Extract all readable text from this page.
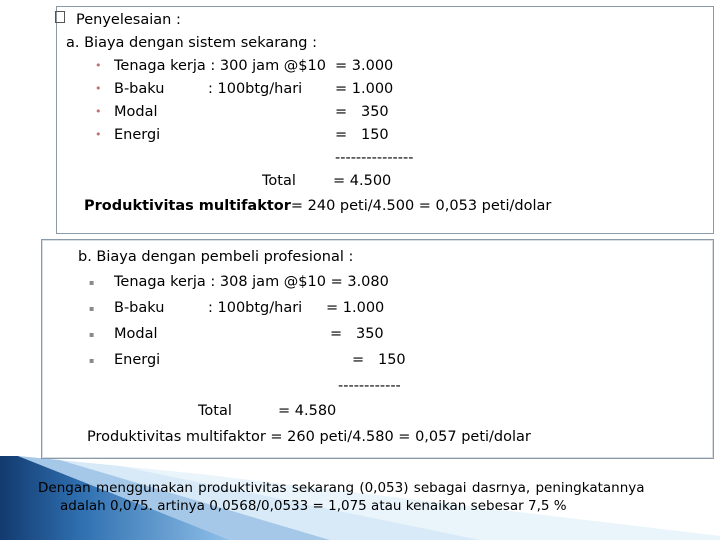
Penyelesaian :
a. Biaya dengan sistem sekarang :
• Tenaga kerja : 300 jam @$10 = 3.000
• B-baku	: 100btg/hari = 1.000
• Modal	=   350
• Energi	=   150
---------------
Total	= 4.500
Produktivitas multifaktor= 240 peti/4.500 = 0,053 peti/dolar
b. Biaya dengan pembeli profesional :
▪ Tenaga kerja : 308 jam @$10 = 3.080
▪ B-baku	: 100btg/hari = 1.000
▪ Modal	=   350
▪ Energi	=   150
------------
Total	= 4.580
Produktivitas multifaktor = 260 peti/4.580 = 0,057 peti/dolar
Dengan menggunakan produktivitas sekarang (0,053) sebagai dasrnya, peningkatannya
adalah 0,075. artinya 0,0568/0,0533 = 1,075 atau kenaikan sebesar 7,5 %
